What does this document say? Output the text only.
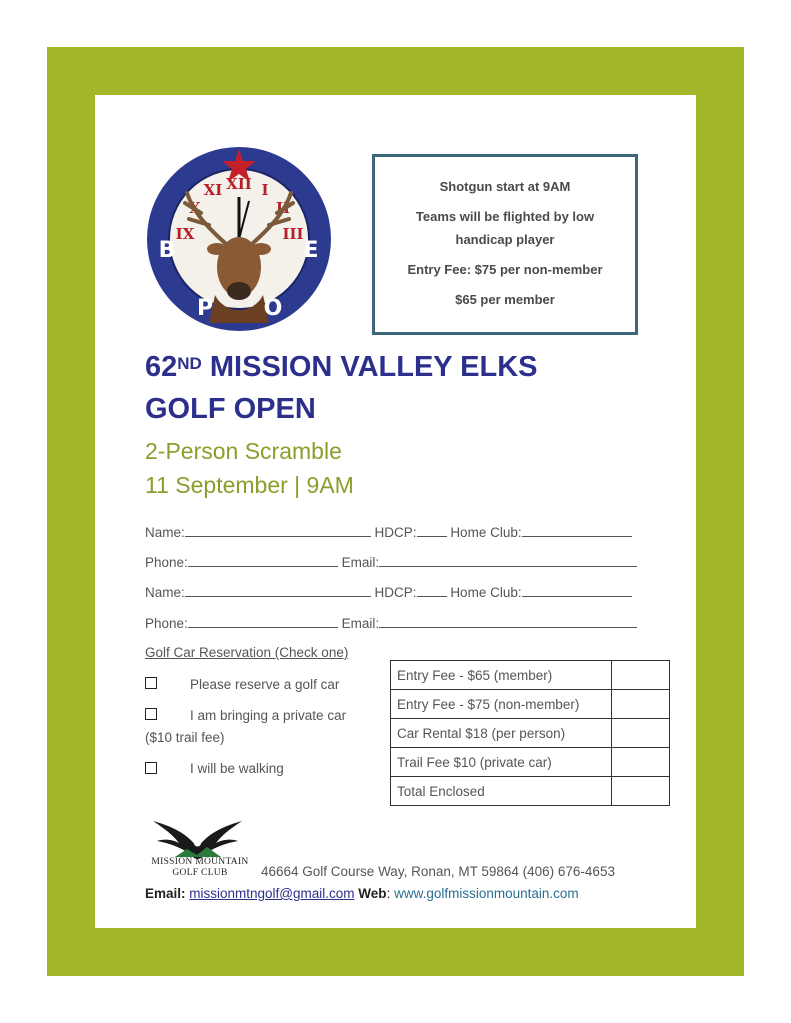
XII I
II
XI
X
IX	III
B
P O
E
Shotgun start at 9AM
Teams will be flighted by low
handicap player
Entry Fee: $75 per non-member
$65 per member
62ND MISSION VALLEY ELKS
GOLF OPEN
2-Person Scramble
11 September | 9AM
Name:	HDCP:	Home Club:
Phone:	Email:
Name:	HDCP:	Home Club:
Phone:	Email:
Golf Car Reservation (Check one)
Please reserve a golf car
I am bringing a private car
($10 trail fee)
I will be walking
Entry Fee - $65 (member)	
Entry Fee - $75 (non-member)	
Car Rental $18 (per person)	
Trail Fee $10 (private car)	
Total Enclosed	
MISSION MOUNTAIN
GOLF CLUB	46664 Golf Course Way, Ronan, MT 59864 (406) 676-4653
Email: missionmtngolf@gmail.com Web: www.golfmissionmountain.com
